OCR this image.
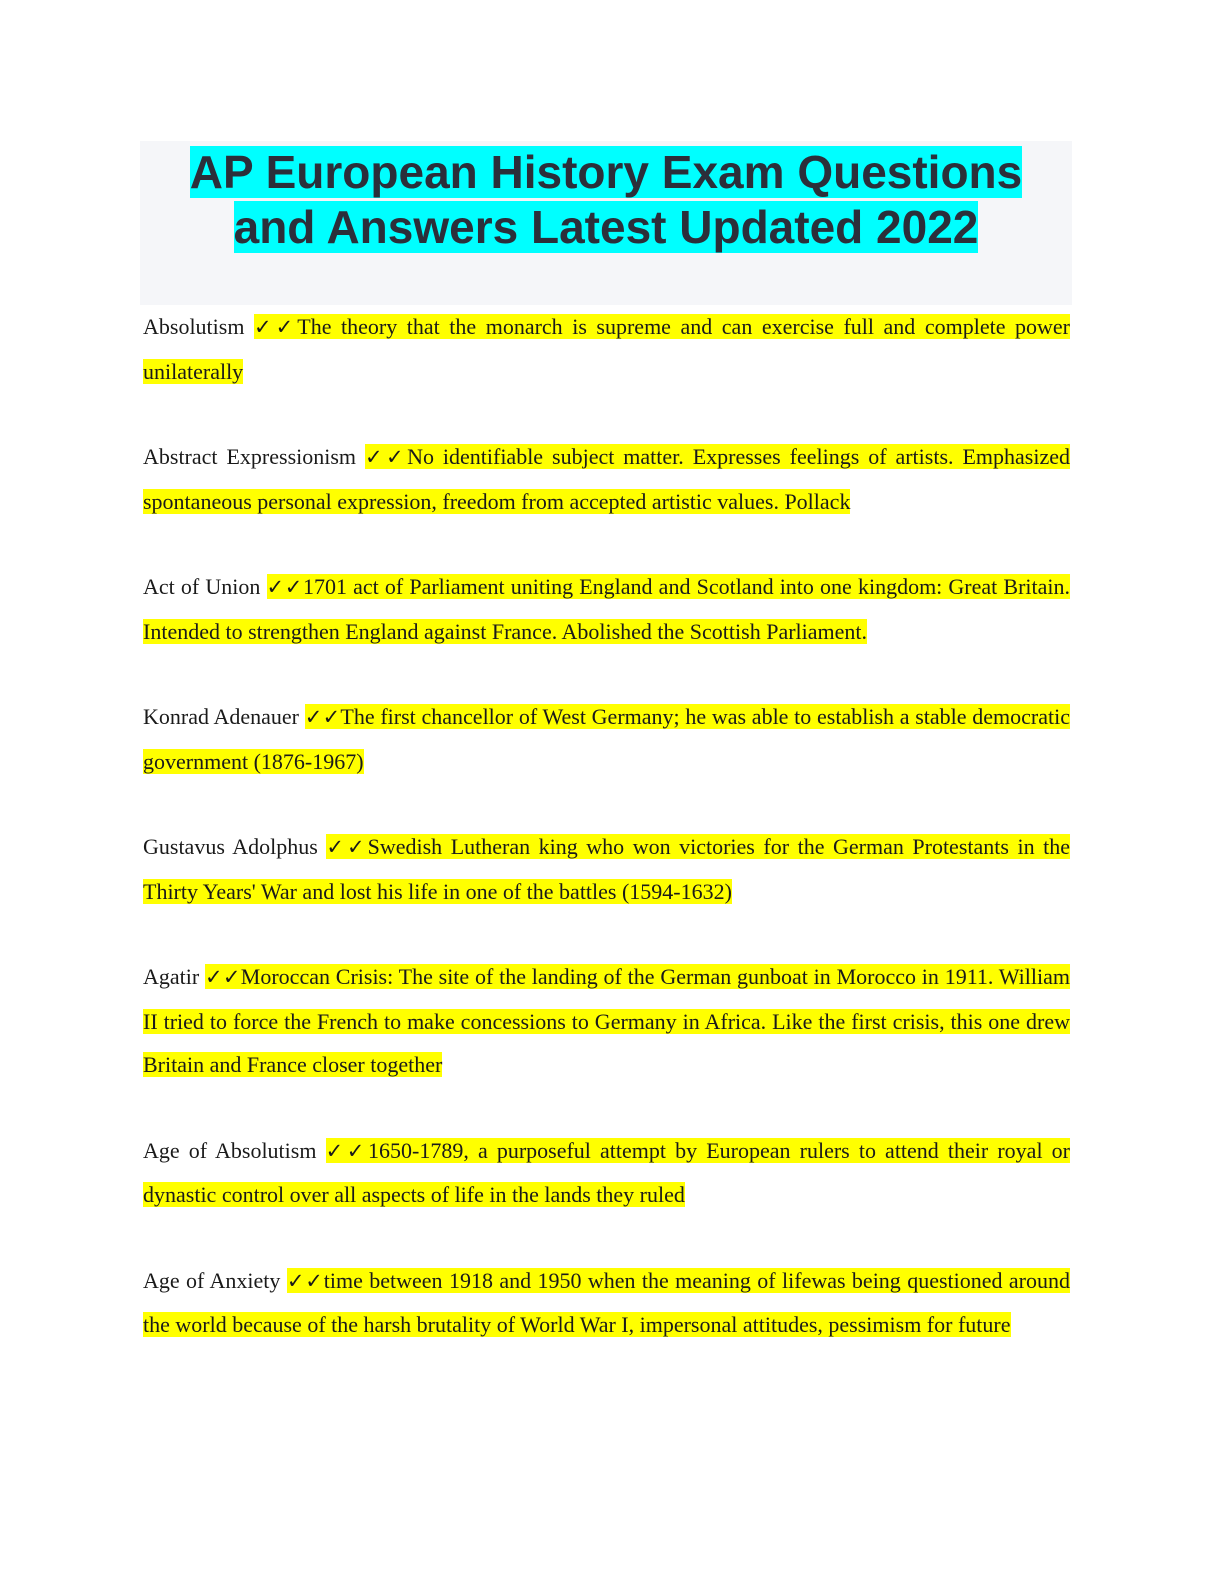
AP European History Exam Questions

and Answers Latest Updated 2022

Absolutism ✓✓The theory that the monarch is supreme and can exercise full and complete power unilaterally

Abstract Expressionism ✓✓No identifiable subject matter. Expresses feelings of artists. Emphasized spontaneous personal expression, freedom from accepted artistic values. Pollack

Act of Union ✓✓1701 act of Parliament uniting England and Scotland into one kingdom: Great Britain. Intended to strengthen England against France. Abolished the Scottish Parliament.

Konrad Adenauer ✓✓The first chancellor of West Germany; he was able to establish a stable democratic government (1876-1967)

Gustavus Adolphus ✓✓Swedish Lutheran king who won victories for the German Protestants in the Thirty Years' War and lost his life in one of the battles (1594-1632)

Agatir ✓✓Moroccan Crisis: The site of the landing of the German gunboat in Morocco in 1911. William II tried to force the French to make concessions to Germany in Africa. Like the first crisis, this one drew Britain and France closer together

Age of Absolutism ✓✓1650-1789, a purposeful attempt by European rulers to attend their royal or dynastic control over all aspects of life in the lands they ruled

Age of Anxiety ✓✓time between 1918 and 1950 when the meaning of lifewas being questioned around the world because of the harsh brutality of World War I, impersonal attitudes, pessimism for future
